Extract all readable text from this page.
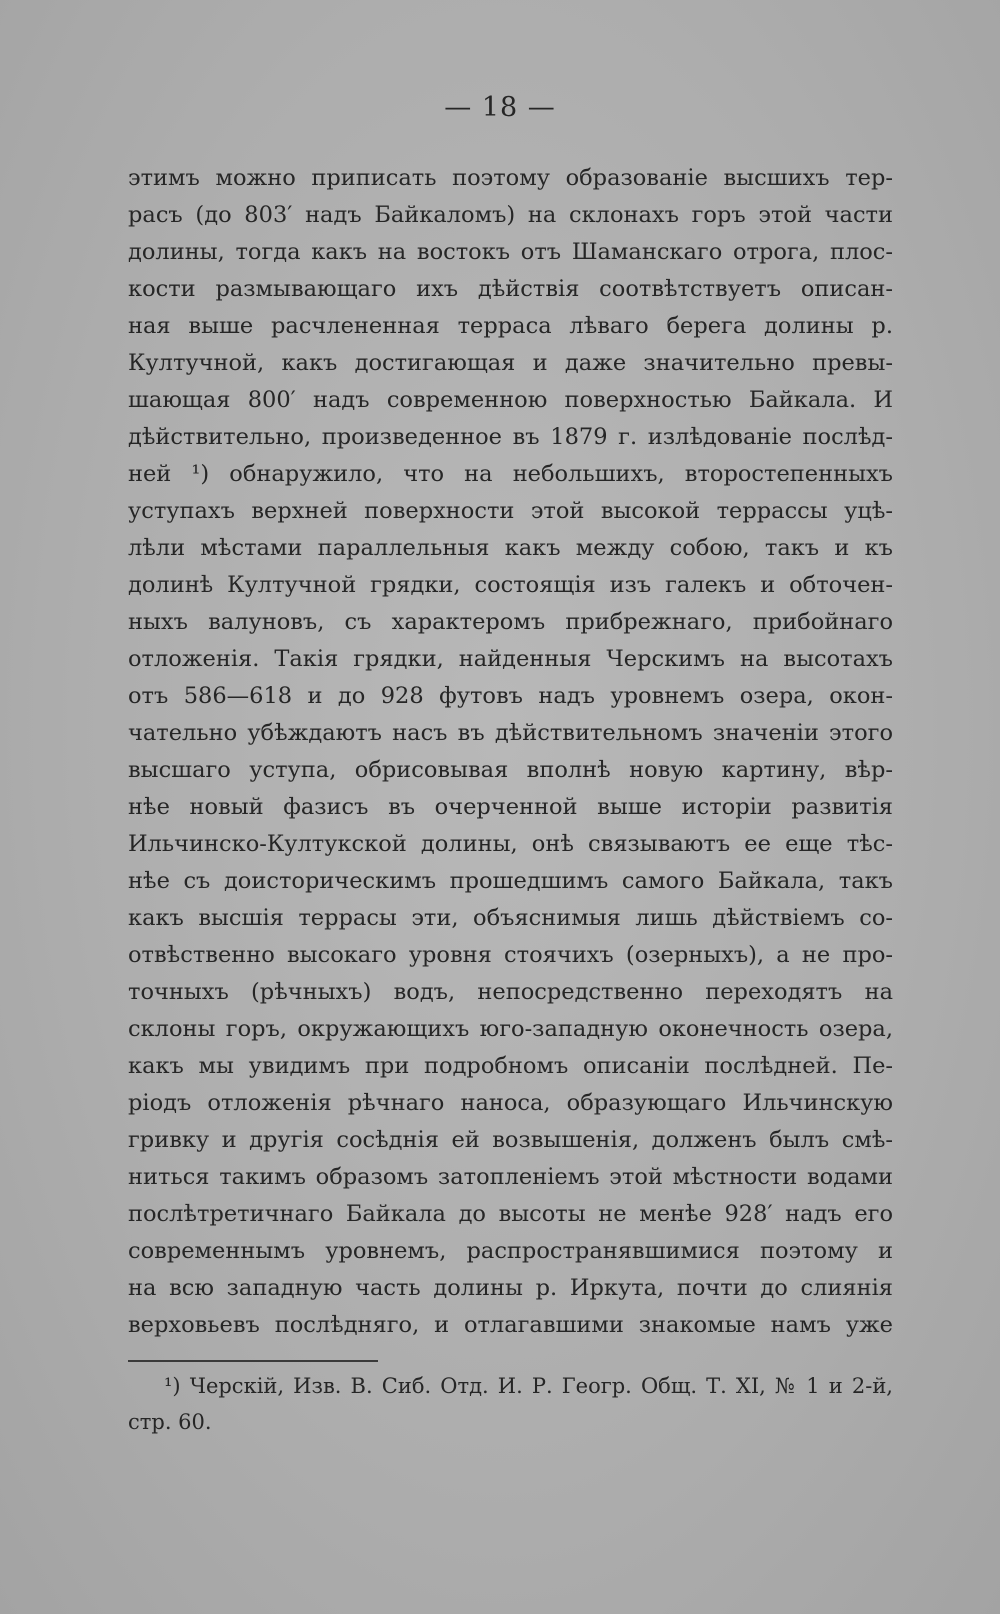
— 18 —
этимъ можно приписать поэтому образованіе высшихъ тер-
расъ (до 803′ надъ Байкаломъ) на склонахъ горъ этой части
долины, тогда какъ на востокъ отъ Шаманскаго отрога, плос-
кости размывающаго ихъ дѣйствія соотвѣтствуетъ описан-
ная выше расчлененная терраса лѣваго берега долины р.
Култучной, какъ достигающая и даже значительно превы-
шающая 800′ надъ современною поверхностью Байкала. И
дѣйствительно, произведенное въ 1879 г. излѣдованіе послѣд-
ней ¹) обнаружило, что на небольшихъ, второстепенныхъ
уступахъ верхней поверхности этой высокой террассы уцѣ-
лѣли мѣстами параллельныя какъ между собою, такъ и къ
долинѣ Култучной грядки, состоящія изъ галекъ и обточен-
ныхъ валуновъ, съ характеромъ прибрежнаго, прибойнаго
отложенія. Такія грядки, найденныя Черскимъ на высотахъ
отъ 586—618 и до 928 футовъ надъ уровнемъ озера, окон-
чательно убѣждаютъ насъ въ дѣйствительномъ значеніи этого
высшаго уступа, обрисовывая вполнѣ новую картину, вѣр-
нѣе новый фазисъ въ очерченной выше исторіи развитія
Ильчинско-Култукской долины, онѣ связываютъ ее еще тѣс-
нѣе съ доисторическимъ прошедшимъ самого Байкала, такъ
какъ высшія террасы эти, объяснимыя лишь дѣйствіемъ со-
отвѣственно высокаго уровня стоячихъ (озерныхъ), а не про-
точныхъ (рѣчныхъ) водъ, непосредственно переходятъ на
склоны горъ, окружающихъ юго-западную оконечность озера,
какъ мы увидимъ при подробномъ описаніи послѣдней. Пе-
ріодъ отложенія рѣчнаго наноса, образующаго Ильчинскую
гривку и другія сосѣднія ей возвышенія, долженъ былъ смѣ-
ниться такимъ образомъ затопленіемъ этой мѣстности водами
послѣтретичнаго Байкала до высоты не менѣе 928′ надъ его
современнымъ уровнемъ, распространявшимися поэтому и
на всю западную часть долины р. Иркута, почти до слиянія
верховьевъ послѣдняго, и отлагавшими знакомые намъ уже
¹) Черскій, Изв. В. Сиб. Отд. И. Р. Геогр. Общ. Т. XI, № 1 и 2-й,
стр. 60.
